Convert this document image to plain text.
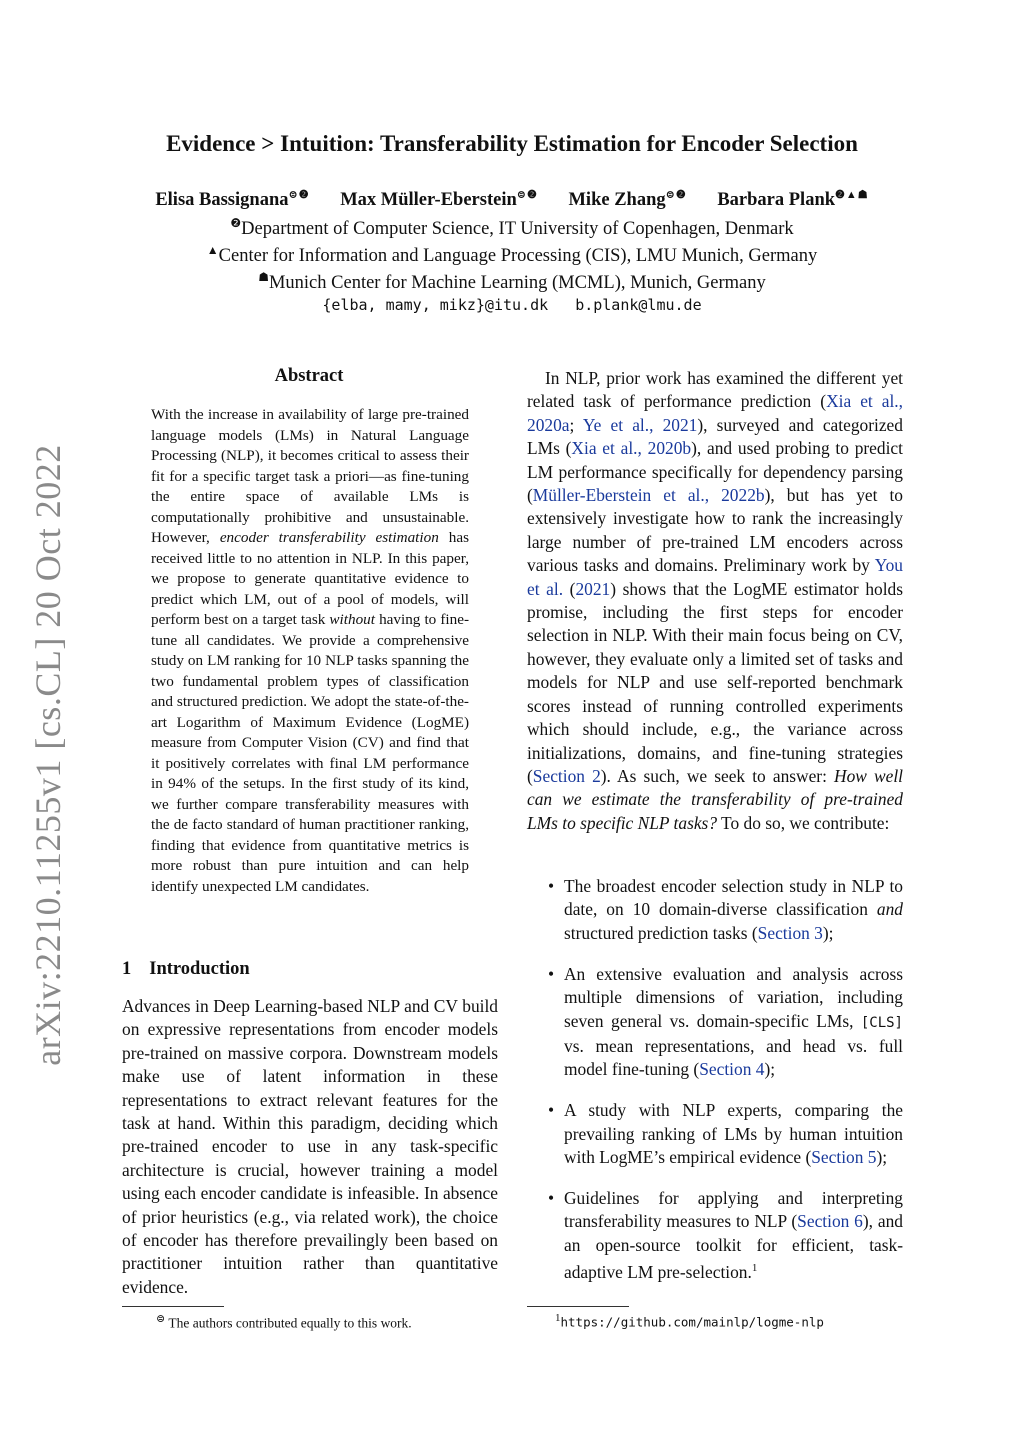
arXiv:2210.11255v1 [cs.CL] 20 Oct 2022
Evidence > Intuition: Transferability Estimation for Encoder Selection
Elisa Bassignana$^{⊜❷}$ Max Müller-Eberstein$^{⊜❷}$ Mike Zhang$^{⊜❷}$ Barbara Plank$^{❷▲☗}$
$^❷$Department of Computer Science, IT University of Copenhagen, Denmark
▲Center for Information and Language Processing (CIS), LMU Munich, Germany
☗Munich Center for Machine Learning (MCML), Munich, Germany
{elba, mamy, mikz}@itu.dk b.plank@lmu.de
Abstract

With the increase in availability of large pre-trained language models (LMs) in Natural Language Processing (NLP), it becomes critical to assess their fit for a specific target task a priori—as fine-tuning the entire space of available LMs is computationally prohibitive and unsustainable. However, encoder transferability estimation has received little to no attention in NLP. In this paper, we propose to generate quantitative evidence to predict which LM, out of a pool of models, will perform best on a target task without having to fine-tune all candidates. We provide a comprehensive study on LM ranking for 10 NLP tasks spanning the two fundamental problem types of classification and structured prediction. We adopt the state-of-the-art Logarithm of Maximum Evidence (LogME) measure from Computer Vision (CV) and find that it positively correlates with final LM performance in 94% of the setups. In the first study of its kind, we further compare transferability measures with the de facto standard of human practitioner ranking, finding that evidence from quantitative metrics is more robust than pure intuition and can help identify unexpected LM candidates.

1 Introduction

Advances in Deep Learning-based NLP and CV build on expressive representations from encoder models pre-trained on massive corpora. Downstream models make use of latent information in these representations to extract relevant features for the task at hand. Within this paradigm, deciding which pre-trained encoder to use in any task-specific architecture is crucial, however training a model using each encoder candidate is infeasible. In absence of prior heuristics (e.g., via related work), the choice of encoder has therefore prevailingly been based on practitioner intuition rather than quantitative evidence.

In NLP, prior work has examined the different yet related task of performance prediction (Xia et al., 2020a; Ye et al., 2021), surveyed and categorized LMs (Xia et al., 2020b), and used probing to predict LM performance specifically for dependency parsing (Müller-Eberstein et al., 2022b), but has yet to extensively investigate how to rank the increasingly large number of pre-trained LM encoders across various tasks and domains. Preliminary work by You et al. (2021) shows that the LogME estimator holds promise, including the first steps for encoder selection in NLP. With their main focus being on CV, however, they evaluate only a limited set of tasks and models for NLP and use self-reported benchmark scores instead of running controlled experiments which should include, e.g., the variance across initializations, domains, and fine-tuning strategies (Section 2). As such, we seek to answer: How well can we estimate the transferability of pre-trained LMs to specific NLP tasks? To do so, we contribute:

• The broadest encoder selection study in NLP to date, on 10 domain-diverse classification and structured prediction tasks (Section 3);
• An extensive evaluation and analysis across multiple dimensions of variation, including seven general vs. domain-specific LMs, [CLS] vs. mean representations, and head vs. full model fine-tuning (Section 4);
• A study with NLP experts, comparing the prevailing ranking of LMs by human intuition with LogME’s empirical evidence (Section 5);
• Guidelines for applying and interpreting transferability measures to NLP (Section 6), and an open-source toolkit for efficient, task-adaptive LM pre-selection.$^1$
⊜ The authors contributed equally to this work.	$^1$https://github.com/mainlp/logme-nlp
